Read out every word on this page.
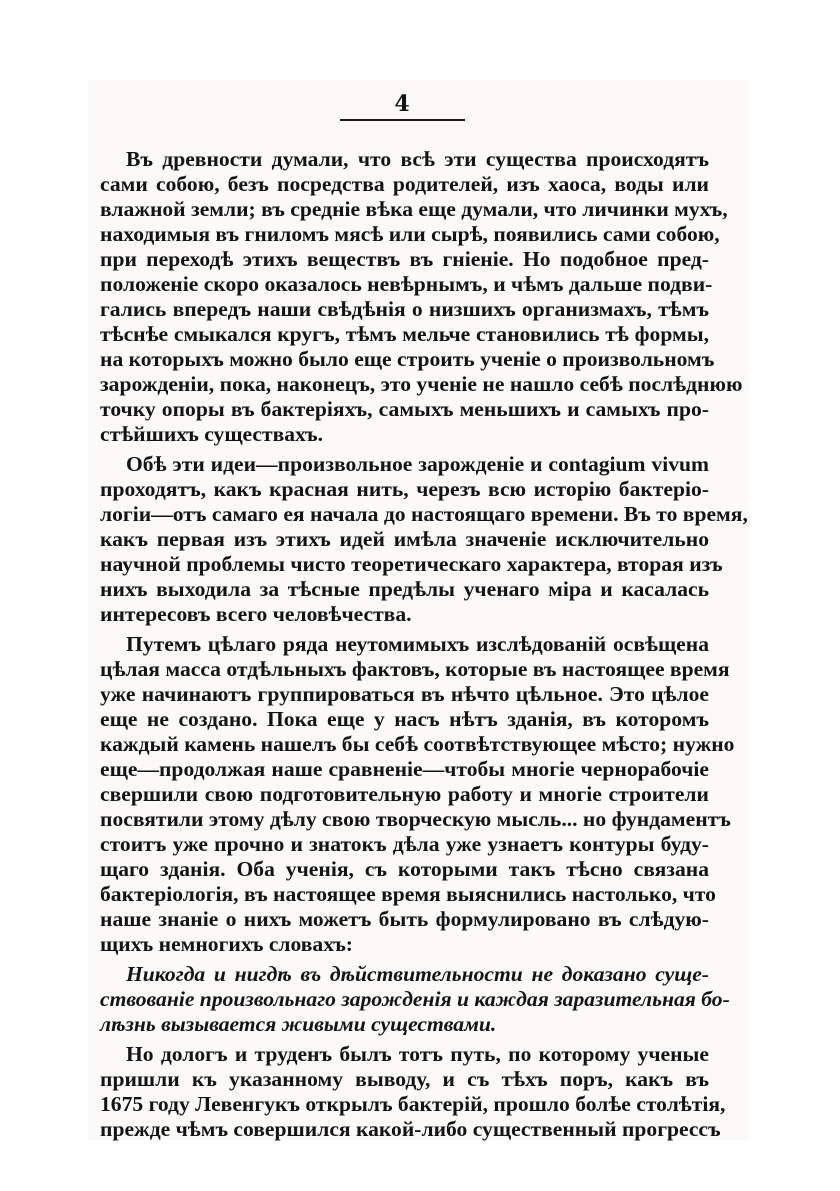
4
Въ древности думали, что всѣ эти существа происходятъ
сами собою, безъ посредства родителей, изъ хаоса, воды или
влажной земли; въ средніе вѣка еще думали, что личинки мухъ,
находимыя въ гниломъ мясѣ или сырѣ, появились сами собою,
при переходѣ этихъ веществъ въ гніеніе. Но подобное пред-
положеніе скоро оказалось невѣрнымъ, и чѣмъ дальше подви-
гались впередъ наши свѣдѣнія о низшихъ организмахъ, тѣмъ
тѣснѣе смыкался кругъ, тѣмъ мельче становились тѣ формы,
на которыхъ можно было еще строить ученіе о произвольномъ
зарожденіи, пока, наконецъ, это ученіе не нашло себѣ послѣднюю
точку опоры въ бактеріяхъ, самыхъ меньшихъ и самыхъ про-
стѣйшихъ существахъ.
Обѣ эти идеи—произвольное зарожденіе и contagium vivum
проходятъ, какъ красная нить, черезъ всю исторію бактеріо-
логіи—отъ самаго ея начала до настоящаго времени. Въ то время,
какъ первая изъ этихъ идей имѣла значеніе исключительно
научной проблемы чисто теоретическаго характера, вторая изъ
нихъ выходила за тѣсные предѣлы ученаго міра и касалась
интересовъ всего человѣчества.
Путемъ цѣлаго ряда неутомимыхъ изслѣдованій освѣщена
цѣлая масса отдѣльныхъ фактовъ, которые въ настоящее время
уже начинаютъ группироваться въ нѣчто цѣльное. Это цѣлое
еще не создано. Пока еще у насъ нѣтъ зданія, въ которомъ
каждый камень нашелъ бы себѣ соотвѣтствующее мѣсто; нужно
еще—продолжая наше сравненіе—чтобы многіе чернорабочіе
свершили свою подготовительную работу и многіе строители
посвятили этому дѣлу свою творческую мысль... но фундаментъ
стоитъ уже прочно и знатокъ дѣла уже узнаетъ контуры буду-
щаго зданія. Оба ученія, съ которыми такъ тѣсно связана
бактеріологія, въ настоящее время выяснились настолько, что
наше знаніе о нихъ можетъ быть формулировано въ слѣдую-
щихъ немногихъ словахъ:
Никогда и нигдѣ въ дѣйствительности не доказано суще-
ствованіе произвольнаго зарожденія и каждая заразительная бо-
лѣзнь вызывается живыми существами.
Но дологъ и труденъ былъ тотъ путь, по которому ученые
пришли къ указанному выводу, и съ тѣхъ поръ, какъ въ
1675 году Левенгукъ открылъ бактерій, прошло болѣе столѣтія,
прежде чѣмъ совершился какой-либо существенный прогрессъ
